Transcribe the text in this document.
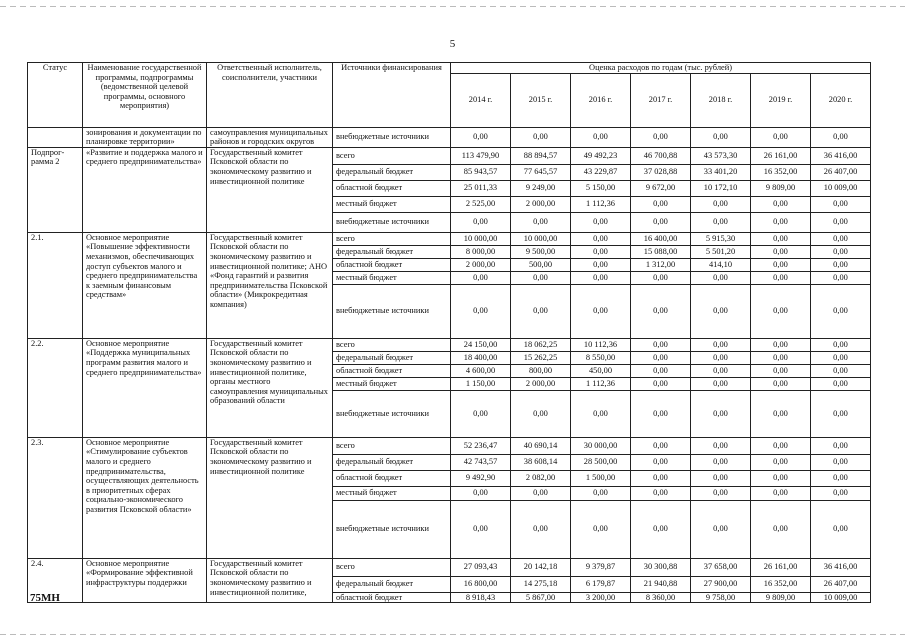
5
Статус	Наименование государственной программы, подпрограммы (ведомственной целевой программы, основного мероприятия)	Ответственный исполнитель, соисполнители, участники	Источники финансирования	Оценка расходов по годам (тыс. рублей)						
				2014 г.	2015 г.	2016 г.	2017 г.	2018 г.	2019 г.	2020 г.
	зонирования и документации по планировке территории»	самоуправления муниципальных районов и городских округов	внебюджетные источники	0,00	0,00	0,00	0,00	0,00	0,00	0,00
Подпрог-рамма 2	«Развитие и поддержка малого и среднего предпринимательства»	Государственный комитет Псковской области по экономическому развитию и инвестиционной политике	всего	113 479,90	88 894,57	49 492,23	46 700,88	43 573,30	26 161,00	36 416,00
			федеральный бюджет	85 943,57	77 645,57	43 229,87	37 028,88	33 401,20	16 352,00	26 407,00
			областной бюджет	25 011,33	9 249,00	5 150,00	9 672,00	10 172,10	9 809,00	10 009,00
			местный бюджет	2 525,00	2 000,00	1 112,36	0,00	0,00	0,00	0,00
			внебюджетные источники	0,00	0,00	0,00	0,00	0,00	0,00	0,00
2.1.	Основное мероприятие «Повышение эффективности механизмов, обеспечивающих доступ субъектов малого и среднего предпринимательства к заемным финансовым средствам»	Государственный комитет Псковской области по экономическому развитию и инвестиционной политике; АНО «Фонд гарантий и развития предпринимательства Псковской области» (Микрокредитная компания)	всего	10 000,00	10 000,00	0,00	16 400,00	5 915,30	0,00	0,00
			федеральный бюджет	8 000,00	9 500,00	0,00	15 088,00	5 501,20	0,00	0,00
			областной бюджет	2 000,00	500,00	0,00	1 312,00	414,10	0,00	0,00
			местный бюджет	0,00	0,00	0,00	0,00	0,00	0,00	0,00
			внебюджетные источники	0,00	0,00	0,00	0,00	0,00	0,00	0,00
2.2.	Основное мероприятие «Поддержка муниципальных программ развития малого и среднего предпринимательства»	Государственный комитет Псковской области по экономическому развитию и инвестиционной политике, органы местного самоуправления муниципальных образований области	всего	24 150,00	18 062,25	10 112,36	0,00	0,00	0,00	0,00
			федеральный бюджет	18 400,00	15 262,25	8 550,00	0,00	0,00	0,00	0,00
			областной бюджет	4 600,00	800,00	450,00	0,00	0,00	0,00	0,00
			местный бюджет	1 150,00	2 000,00	1 112,36	0,00	0,00	0,00	0,00
			внебюджетные источники	0,00	0,00	0,00	0,00	0,00	0,00	0,00
2.3.	Основное мероприятие «Стимулирование субъектов малого и среднего предпринимательства, осуществляющих деятельность в приоритетных сферах социально-экономического развития Псковской области»	Государственный комитет Псковской области по экономическому развитию и инвестиционной политике	всего	52 236,47	40 690,14	30 000,00	0,00	0,00	0,00	0,00
			федеральный бюджет	42 743,57	38 608,14	28 500,00	0,00	0,00	0,00	0,00
			областной бюджет	9 492,90	2 082,00	1 500,00	0,00	0,00	0,00	0,00
			местный бюджет	0,00	0,00	0,00	0,00	0,00	0,00	0,00
			внебюджетные источники	0,00	0,00	0,00	0,00	0,00	0,00	0,00
2.4.	Основное мероприятие «Формирование эффективной инфраструктуры поддержки	Государственный комитет Псковской области по экономическому развитию и инвестиционной политике,	всего	27 093,43	20 142,18	9 379,87	30 300,88	37 658,00	26 161,00	36 416,00
			федеральный бюджет	16 800,00	14 275,18	6 179,87	21 940,88	27 900,00	16 352,00	26 407,00
			областной бюджет	8 918,43	5 867,00	3 200,00	8 360,00	9 758,00	9 809,00	10 009,00
75МН
